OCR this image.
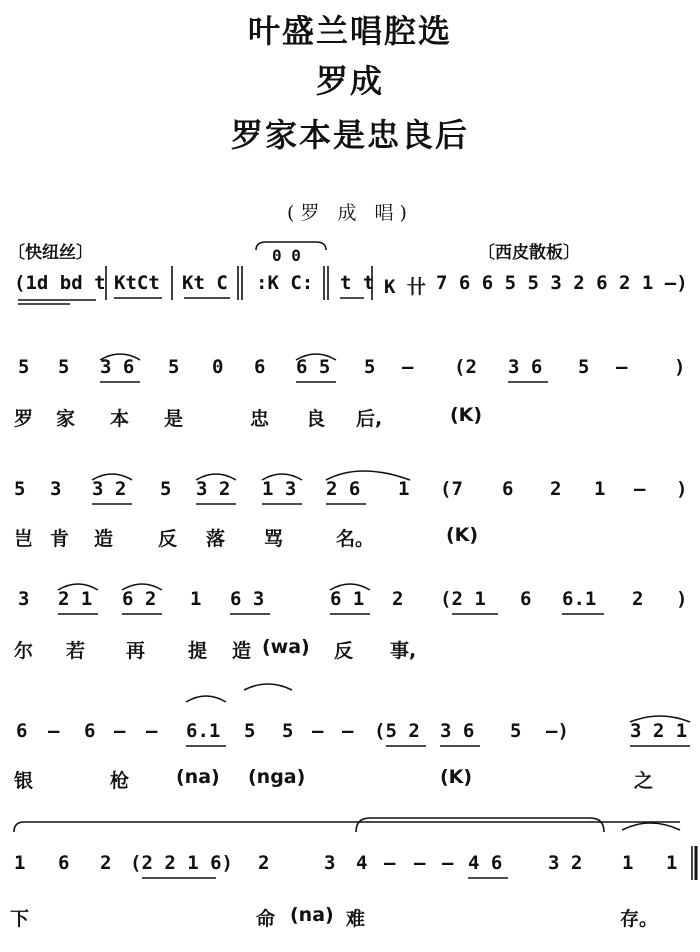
叶盛兰唱腔选
罗成
罗家本是忠良后
(罗 成 唱)
〔快纽丝〕	〔西皮散板〕
(1d bd t KtCt Kt C :K C:
0 0
t t K 卄 7 6 6 5 5 3 2 6 2 1 —)
5 5 3 6 5 0 6 6 5 5 — (2 3 6 5 — )
罗 家 本 是	忠 良 后,	(K)
5 3 3 2 5 3 2 1 3 2 6 1 (7 6 2 1 — )
岂 肯 造 反 落 骂	名。	(K)
3 2 1 6 2 1 6 3	6 1 2 (2 1 6 6.1 2 )
尔 若 再 提 造 (wa) 反 事,
6 — 6 — — 6.1 5 5 — — (5 2 3 6 5 —)	3 2 1
银	枪 (na) (nga)	(K)	之
1 6 2 (2 2 1 6) 2	3 4 — — — 4 6 3 2 1 1
下	命 (na) 难	存。
